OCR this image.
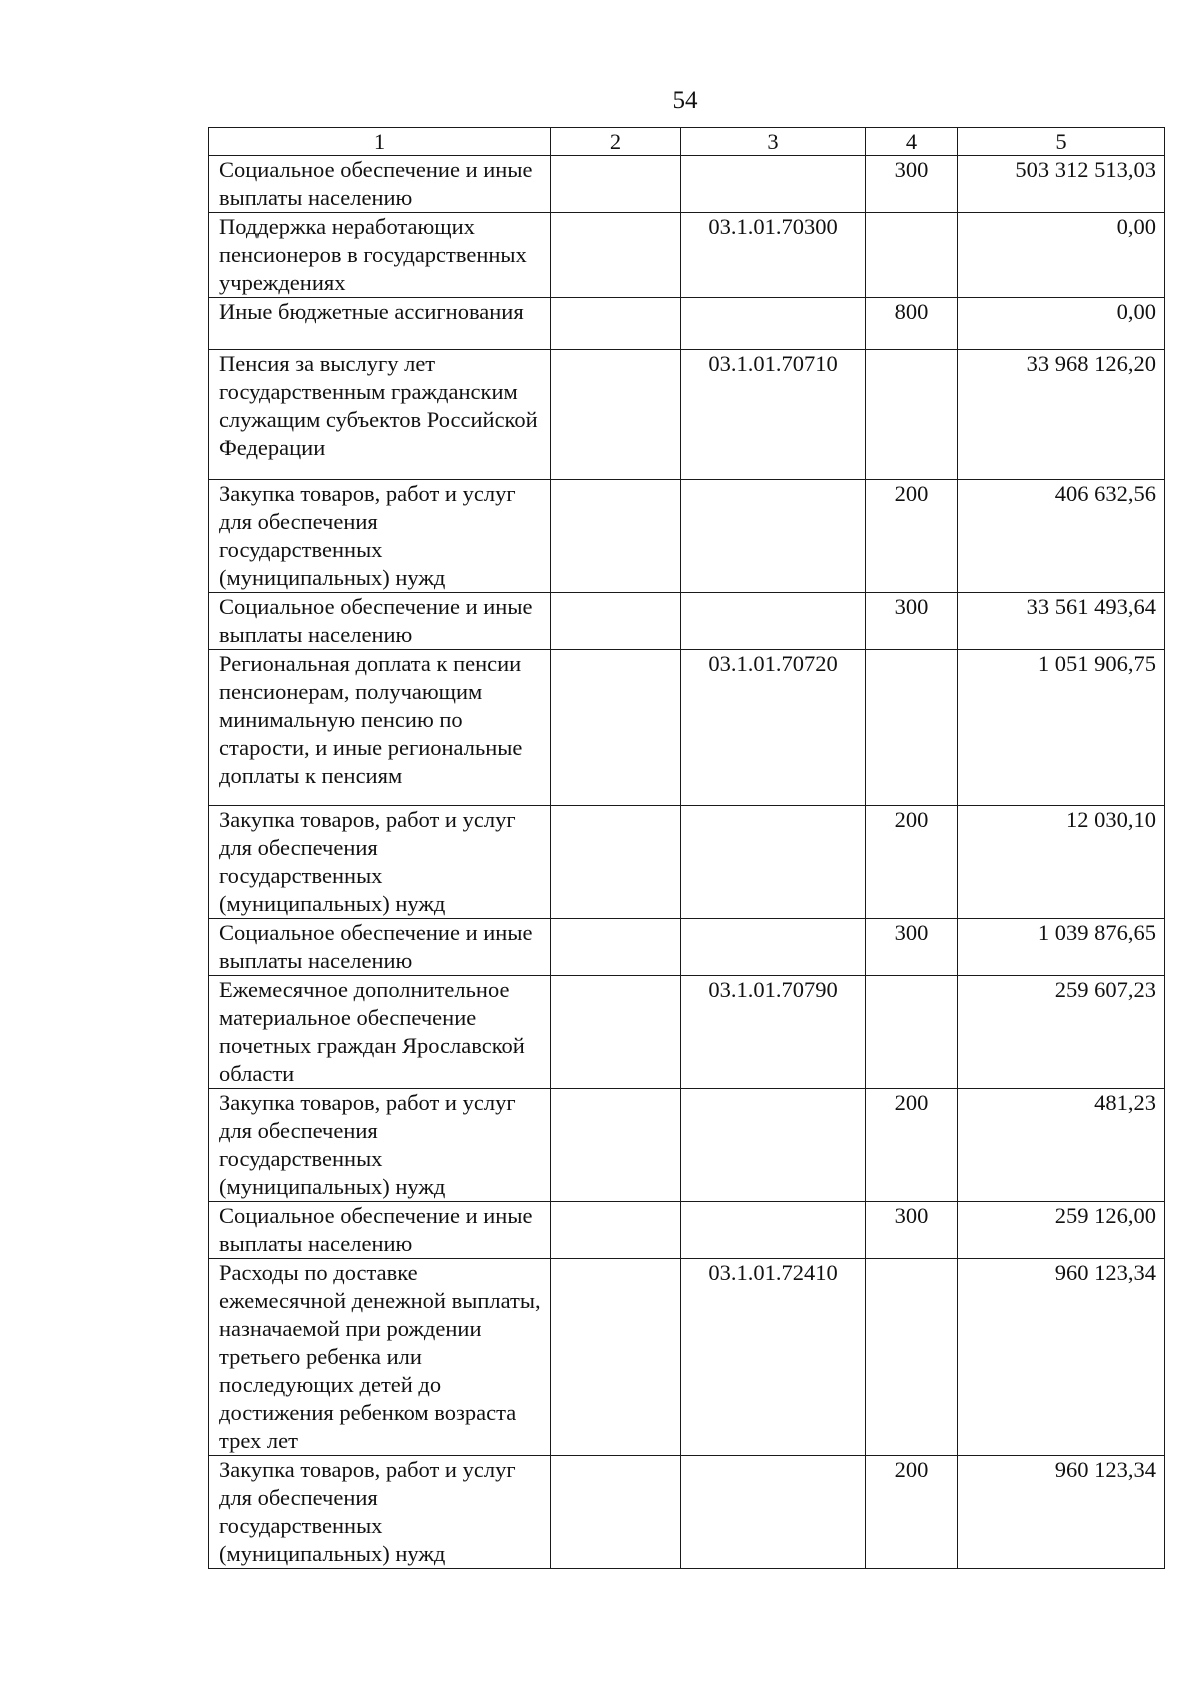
54
1	2	3	4	5
Социальное обеспечение и иные выплаты населению			300	503 312 513,03
Поддержка неработающих пенсионеров в государственных учреждениях		03.1.01.70300		0,00
Иные бюджетные ассигнования			800	0,00
Пенсия за выслугу лет государственным гражданским служащим субъектов Российской Федерации		03.1.01.70710		33 968 126,20
Закупка товаров, работ и услуг для обеспечения государственных (муниципальных) нужд			200	406 632,56
Социальное обеспечение и иные выплаты населению			300	33 561 493,64
Региональная доплата к пенсии пенсионерам, получающим минимальную пенсию по старости, и иные региональные доплаты к пенсиям		03.1.01.70720		1 051 906,75
Закупка товаров, работ и услуг для обеспечения государственных (муниципальных) нужд			200	12 030,10
Социальное обеспечение и иные выплаты населению			300	1 039 876,65
Ежемесячное дополнительное материальное обеспечение почетных граждан Ярославской области		03.1.01.70790		259 607,23
Закупка товаров, работ и услуг для обеспечения государственных (муниципальных) нужд			200	481,23
Социальное обеспечение и иные выплаты населению			300	259 126,00
Расходы по доставке ежемесячной денежной выплаты, назначаемой при рождении третьего ребенка или последующих детей до достижения ребенком возраста трех лет		03.1.01.72410		960 123,34
Закупка товаров, работ и услуг для обеспечения государственных (муниципальных) нужд			200	960 123,34
